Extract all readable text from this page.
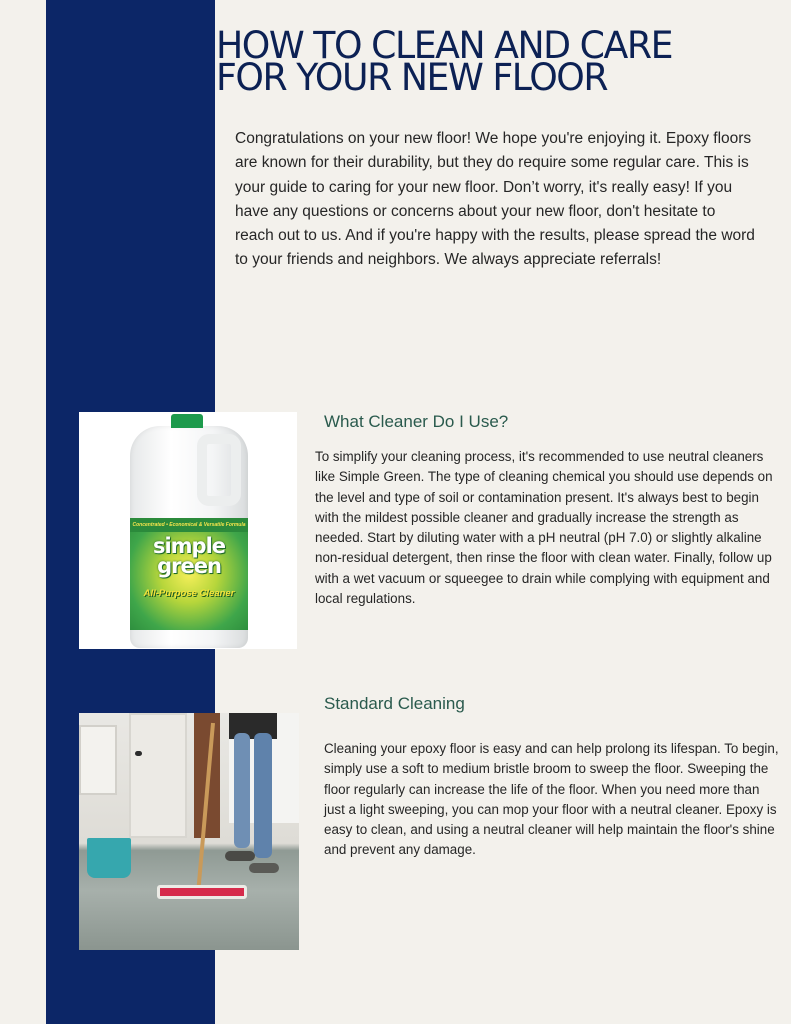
HOW TO CLEAN AND CARE
FOR YOUR NEW FLOOR

Congratulations on your new floor! We hope you're enjoying it. Epoxy floors are known for their durability, but they do require some regular care. This is your guide to caring for your new floor. Don’t worry, it's really easy! If you have any questions or concerns about your new floor, don't hesitate to reach out to us. And if you're happy with the results, please spread the word to your friends and neighbors. We always appreciate referrals!

Concentrated • Economical & Versatile Formula
simple green
All-Purpose Cleaner
What Cleaner Do I Use?

To simplify your cleaning process, it's recommended to use neutral cleaners like Simple Green. The type of cleaning chemical you should use depends on the level and type of soil or contamination present. It's always best to begin with the mildest possible cleaner and gradually increase the strength as needed. Start by diluting water with a pH neutral (pH 7.0) or slightly alkaline non-residual detergent, then rinse the floor with clean water. Finally, follow up with a wet vacuum or squeegee to drain while complying with equipment and local regulations.

Standard Cleaning

Cleaning your epoxy floor is easy and can help prolong its lifespan. To begin, simply use a soft to medium bristle broom to sweep the floor. Sweeping the floor regularly can increase the life of the floor. When you need more than just a light sweeping, you can mop your floor with a neutral cleaner. Epoxy is easy to clean, and using a neutral cleaner will help maintain the floor's shine and prevent any damage.
